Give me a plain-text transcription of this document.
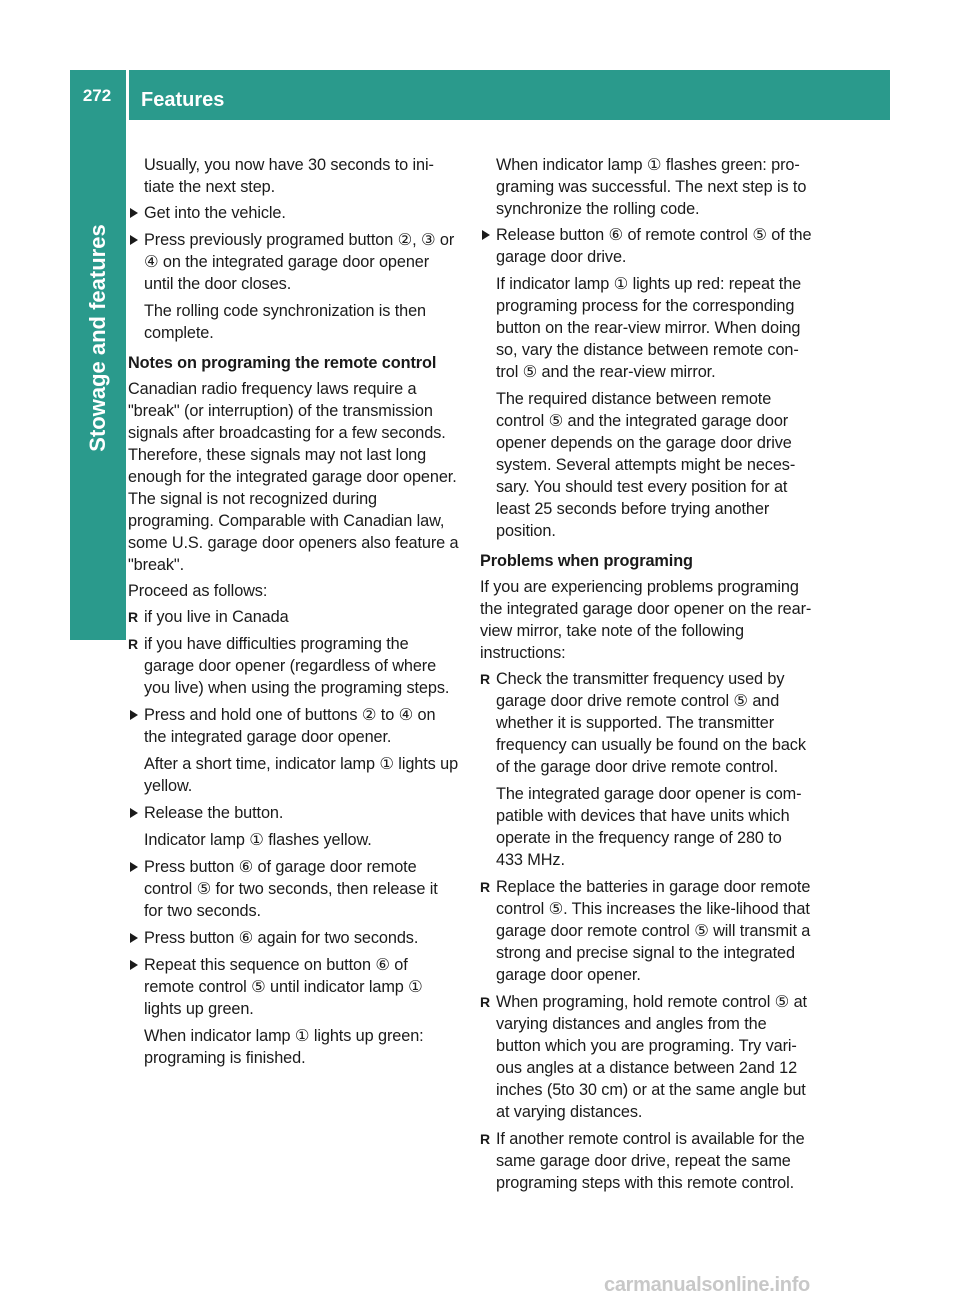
272	Features
Stowage and features

Usually, you now have 30 seconds to ini-tiate the next step.

Get into the vehicle.
Press previously programed button ②, ③ or ④ on the integrated garage door opener until the door closes.
The rolling code synchronization is then complete.
Notes on programing the remote control

Canadian radio frequency laws require a "break" (or interruption) of the transmission signals after broadcasting for a few seconds. Therefore, these signals may not last long enough for the integrated garage door opener. The signal is not recognized during programing. Comparable with Canadian law, some U.S. garage door openers also feature a "break".

Proceed as follows:

R if you live in Canada
R if you have difficulties programing the garage door opener (regardless of where you live) when using the programing steps.
Press and hold one of buttons ② to ④ on the integrated garage door opener.
After a short time, indicator lamp ① lights up yellow.
Release the button.
Indicator lamp ① flashes yellow.
Press button ⑥ of garage door remote control ⑤ for two seconds, then release it for two seconds.
Press button ⑥ again for two seconds.
Repeat this sequence on button ⑥ of remote control ⑤ until indicator lamp ① lights up green.
When indicator lamp ① lights up green: programing is finished.

When indicator lamp ① flashes green: pro-graming was successful. The next step is to synchronize the rolling code.

Release button ⑥ of remote control ⑤ of the garage door drive.
If indicator lamp ① lights up red: repeat the programing process for the corresponding button on the rear-view mirror. When doing so, vary the distance between remote con-trol ⑤ and the rear-view mirror.
The required distance between remote control ⑤ and the integrated garage door opener depends on the garage door drive system. Several attempts might be neces-sary. You should test every position for at least 25 seconds before trying another position.
Problems when programing

If you are experiencing problems programing the integrated garage door opener on the rear-view mirror, take note of the following instructions:

R Check the transmitter frequency used by garage door drive remote control ⑤ and whether it is supported. The transmitter frequency can usually be found on the back of the garage door drive remote control.
The integrated garage door opener is com-patible with devices that have units which operate in the frequency range of 280 to 433 MHz.
R Replace the batteries in garage door remote control ⑤. This increases the like-lihood that garage door remote control ⑤ will transmit a strong and precise signal to the integrated garage door opener.
R When programing, hold remote control ⑤ at varying distances and angles from the button which you are programing. Try vari-ous angles at a distance between 2and 12 inches (5to 30 cm) or at the same angle but at varying distances.
R If another remote control is available for the same garage door drive, repeat the same programing steps with this remote control.
carmanualsonline.info
